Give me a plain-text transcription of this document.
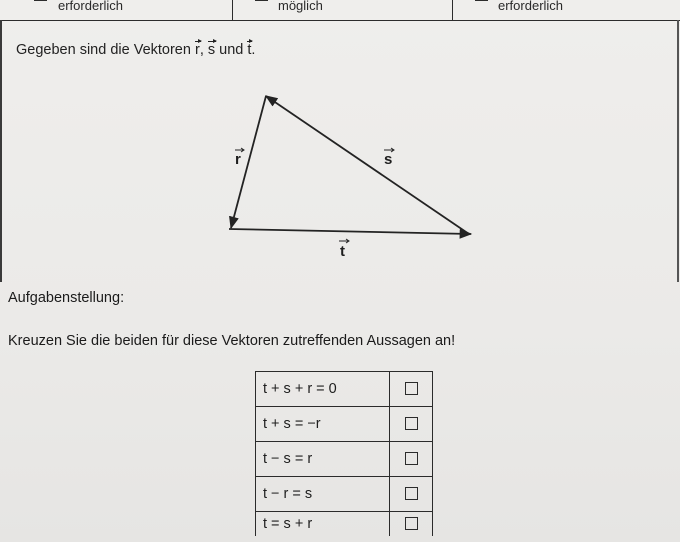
erforderlich	möglich	erforderlich
Gegeben sind die Vektoren r, s und t.
r	s
t
Aufgabenstellung:
Kreuzen Sie die beiden für diese Vektoren zutreffenden Aussagen an!
t + s + r = 0	
t + s = −r	
t − s = r	
t − r = s	
t = s + r	
